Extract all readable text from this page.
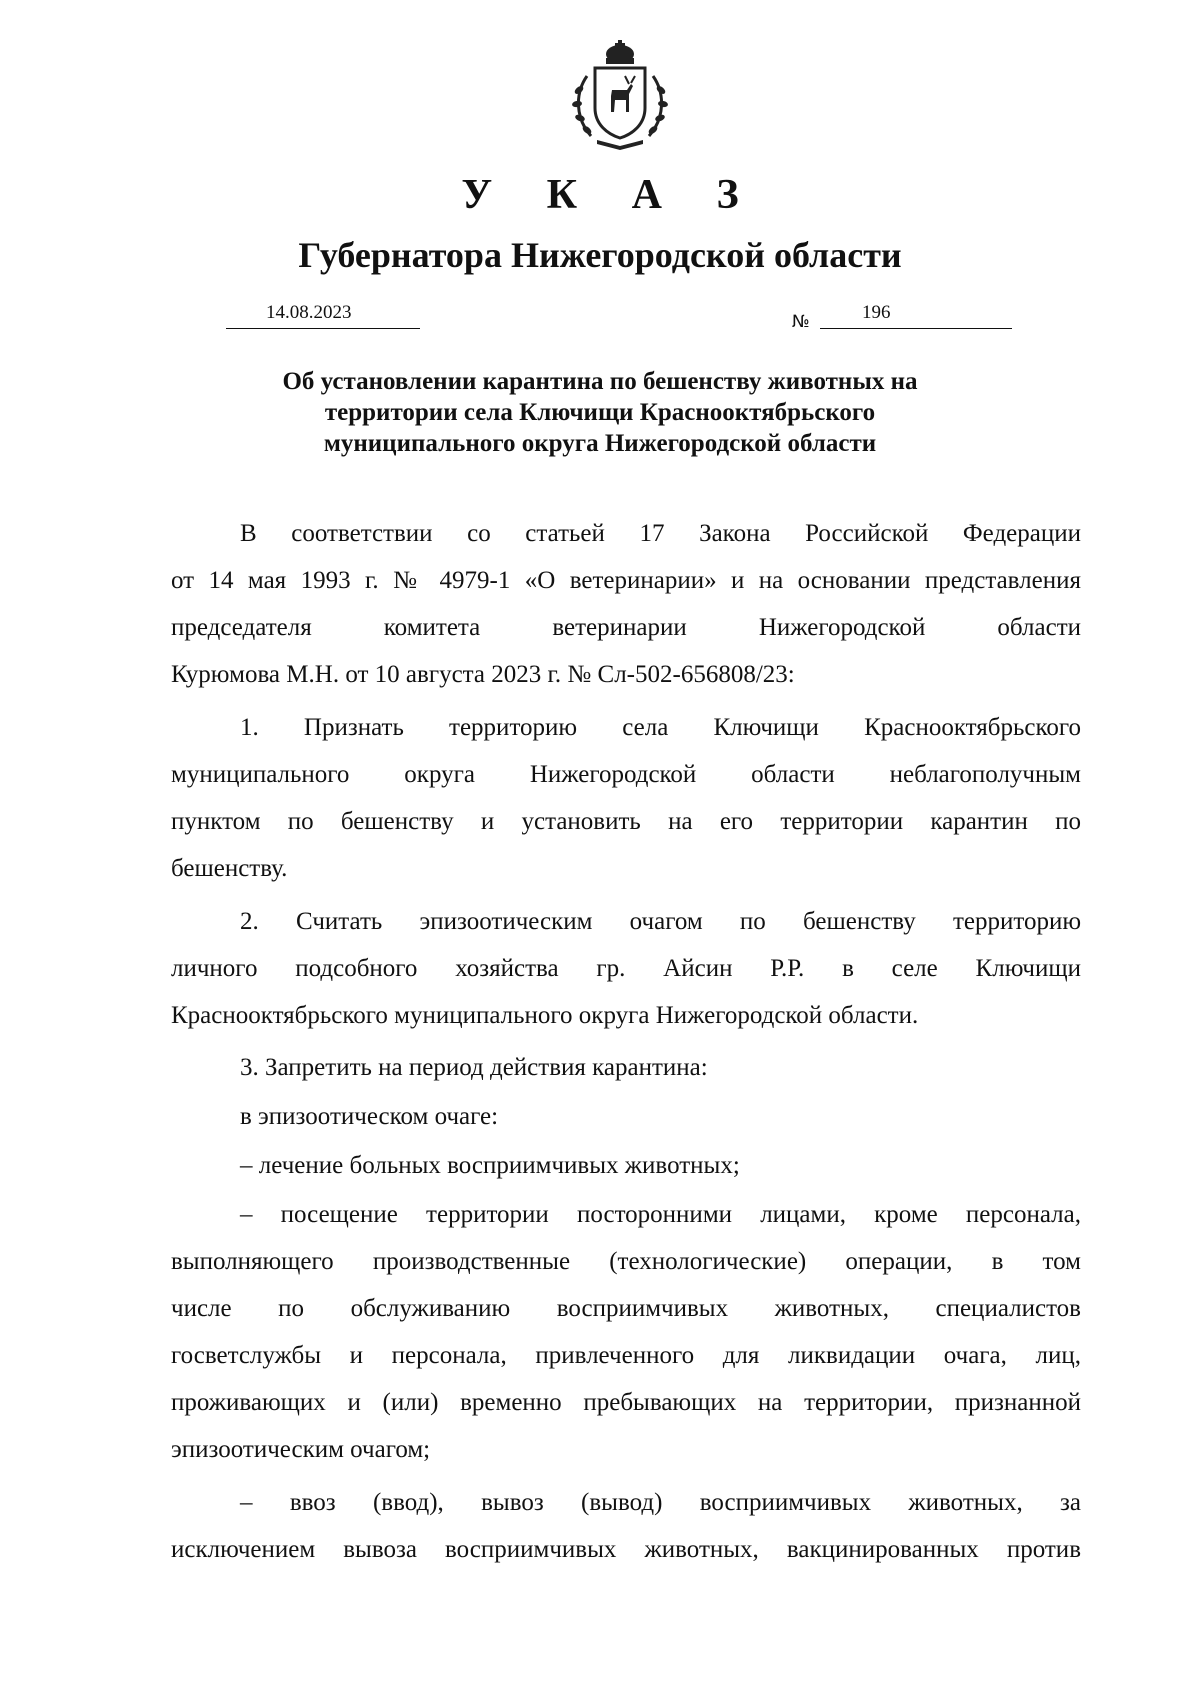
У К А З
Губернатора Нижегородской области
14.08.2023	№	196
Об установлении карантина по бешенству животных на
территории села Ключищи Краснооктябрьского
муниципального округа Нижегородской области
В соответствии со статьей 17 Закона Российской Федерации
от 14 мая 1993 г. № 4979-1 «О ветеринарии» и на основании представления
председателя комитета ветеринарии Нижегородской области
Курюмова М.Н. от 10 августа 2023 г. № Сл-502-656808/23:
1. Признать территорию села Ключищи Краснооктябрьского
муниципального округа Нижегородской области неблагополучным
пунктом по бешенству и установить на его территории карантин по
бешенству.
2. Считать эпизоотическим очагом по бешенству территорию
личного подсобного хозяйства гр. Айсин Р.Р. в селе Ключищи
Краснооктябрьского муниципального округа Нижегородской области.
3. Запретить на период действия карантина:
в эпизоотическом очаге:
– лечение больных восприимчивых животных;
– посещение территории посторонними лицами, кроме персонала,
выполняющего производственные (технологические) операции, в том
числе по обслуживанию восприимчивых животных, специалистов
госветслужбы и персонала, привлеченного для ликвидации очага, лиц,
проживающих и (или) временно пребывающих на территории, признанной
эпизоотическим очагом;
– ввоз (ввод), вывоз (вывод) восприимчивых животных, за
исключением вывоза восприимчивых животных, вакцинированных против
